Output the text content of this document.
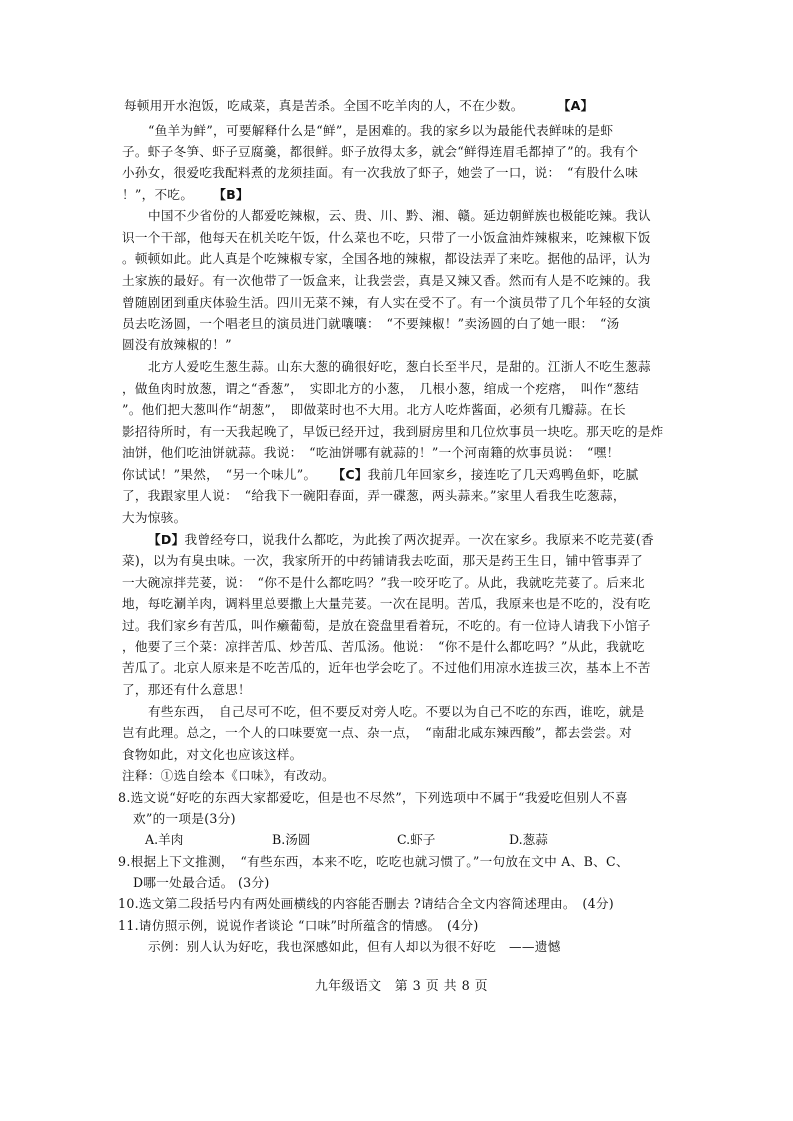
每顿用开水泡饭，吃咸菜，真是苦杀。全国不吃羊肉的人，不在少数。	【A】
“鱼羊为鲜”，可要解释什么是“鲜”，是困难的。我的家乡以为最能代表鲜味的是虾
子。虾子冬笋、虾子豆腐羹，都很鲜。虾子放得太多，就会“鲜得连眉毛都掉了”的。我有个
小孙女，很爱吃我配料煮的龙须挂面。有一次我放了虾子，她尝了一口，说：　“有股什么味
！”，不吃。 【B】
中国不少省份的人都爱吃辣椒，云、贵、川、黔、湘、赣。延边朝鲜族也极能吃辣。我认
识一个干部，他每天在机关吃午饭，什么菜也不吃，只带了一小饭盒油炸辣椒来，吃辣椒下饭
。顿顿如此。此人真是个吃辣椒专家，全国各地的辣椒，都设法弄了来吃。据他的品评，认为
土家族的最好。有一次他带了一饭盒来，让我尝尝，真是又辣又香。然而有人是不吃辣的。我
曾随剧团到重庆体验生活。四川无菜不辣，有人实在受不了。有一个演员带了几个年轻的女演
员去吃汤圆，一个唱老旦的演员进门就嚷嚷：　“不要辣椒！”卖汤圆的白了她一眼：　“汤
圆没有放辣椒的！”
北方人爱吃生葱生蒜。山东大葱的确很好吃，葱白长至半尺，是甜的。江浙人不吃生葱蒜
，做鱼肉时放葱，谓之“香葱”，　实即北方的小葱，　几根小葱，绾成一个疙瘩，　叫作“葱结
”。他们把大葱叫作“胡葱”，　即做菜时也不大用。北方人吃炸酱面，必须有几瓣蒜。在长
影招待所时，有一天我起晚了，早饭已经开过，我到厨房里和几位炊事员一块吃。那天吃的是炸
油饼，他们吃油饼就蒜。我说：　“吃油饼哪有就蒜的！”一个河南籍的炊事员说：　“嘿！
你试试！”果然，　“另一个味儿”。 【C】我前几年回家乡，接连吃了几天鸡鸭鱼虾，吃腻
了，我跟家里人说：　“给我下一碗阳春面，弄一碟葱，两头蒜来。”家里人看我生吃葱蒜，
大为惊骇。
【D】我曾经夸口，说我什么都吃，为此挨了两次捉弄。一次在家乡。我原来不吃芫荽(香
菜)，以为有臭虫味。一次，我家所开的中药铺请我去吃面，那天是药王生日，铺中管事弄了
一大碗凉拌芫荽，说：　“你不是什么都吃吗？”我一咬牙吃了。从此，我就吃芫荽了。后来北
地，每吃涮羊肉，调料里总要撒上大量芫荽。一次在昆明。苦瓜，我原来也是不吃的，没有吃
过。我们家乡有苦瓜，叫作癞葡萄，是放在瓷盘里看着玩，不吃的。有一位诗人请我下小馆子
，他要了三个菜：凉拌苦瓜、炒苦瓜、苦瓜汤。他说：　“你不是什么都吃吗？”从此，我就吃
苦瓜了。北京人原来是不吃苦瓜的，近年也学会吃了。不过他们用凉水连拔三次，基本上不苦
了，那还有什么意思！
有些东西，　自己尽可不吃，但不要反对旁人吃。不要以为自己不吃的东西，谁吃，就是
岂有此理。总之，一个人的口味要宽一点、杂一点，　“南甜北咸东辣西酸”，都去尝尝。对
食物如此，对文化也应该这样。
注释：①选自绘本《口味》，有改动。
8.选文说“好吃的东西大家都爱吃，但是也不尽然”，下列选项中不属于“我爱吃但别人不喜
欢”的一项是(3分)
A.羊肉	B.汤圆	C.虾子	D.葱蒜
9.根据上下文推测，　“有些东西，本来不吃，吃吃也就习惯了。”一句放在文中 A、B、C、
D哪一处最合适。 (3分)
10.选文第二段括号内有两处画横线的内容能否删去 ?请结合全文内容简述理由。　(4分)
11.请仿照示例，说说作者谈论 “口味”时所蕴含的情感。　(4分)
示例：别人认为好吃，我也深感如此，但有人却以为很不好吃　——遗憾
九年级语文　第 3 页 共 8 页
